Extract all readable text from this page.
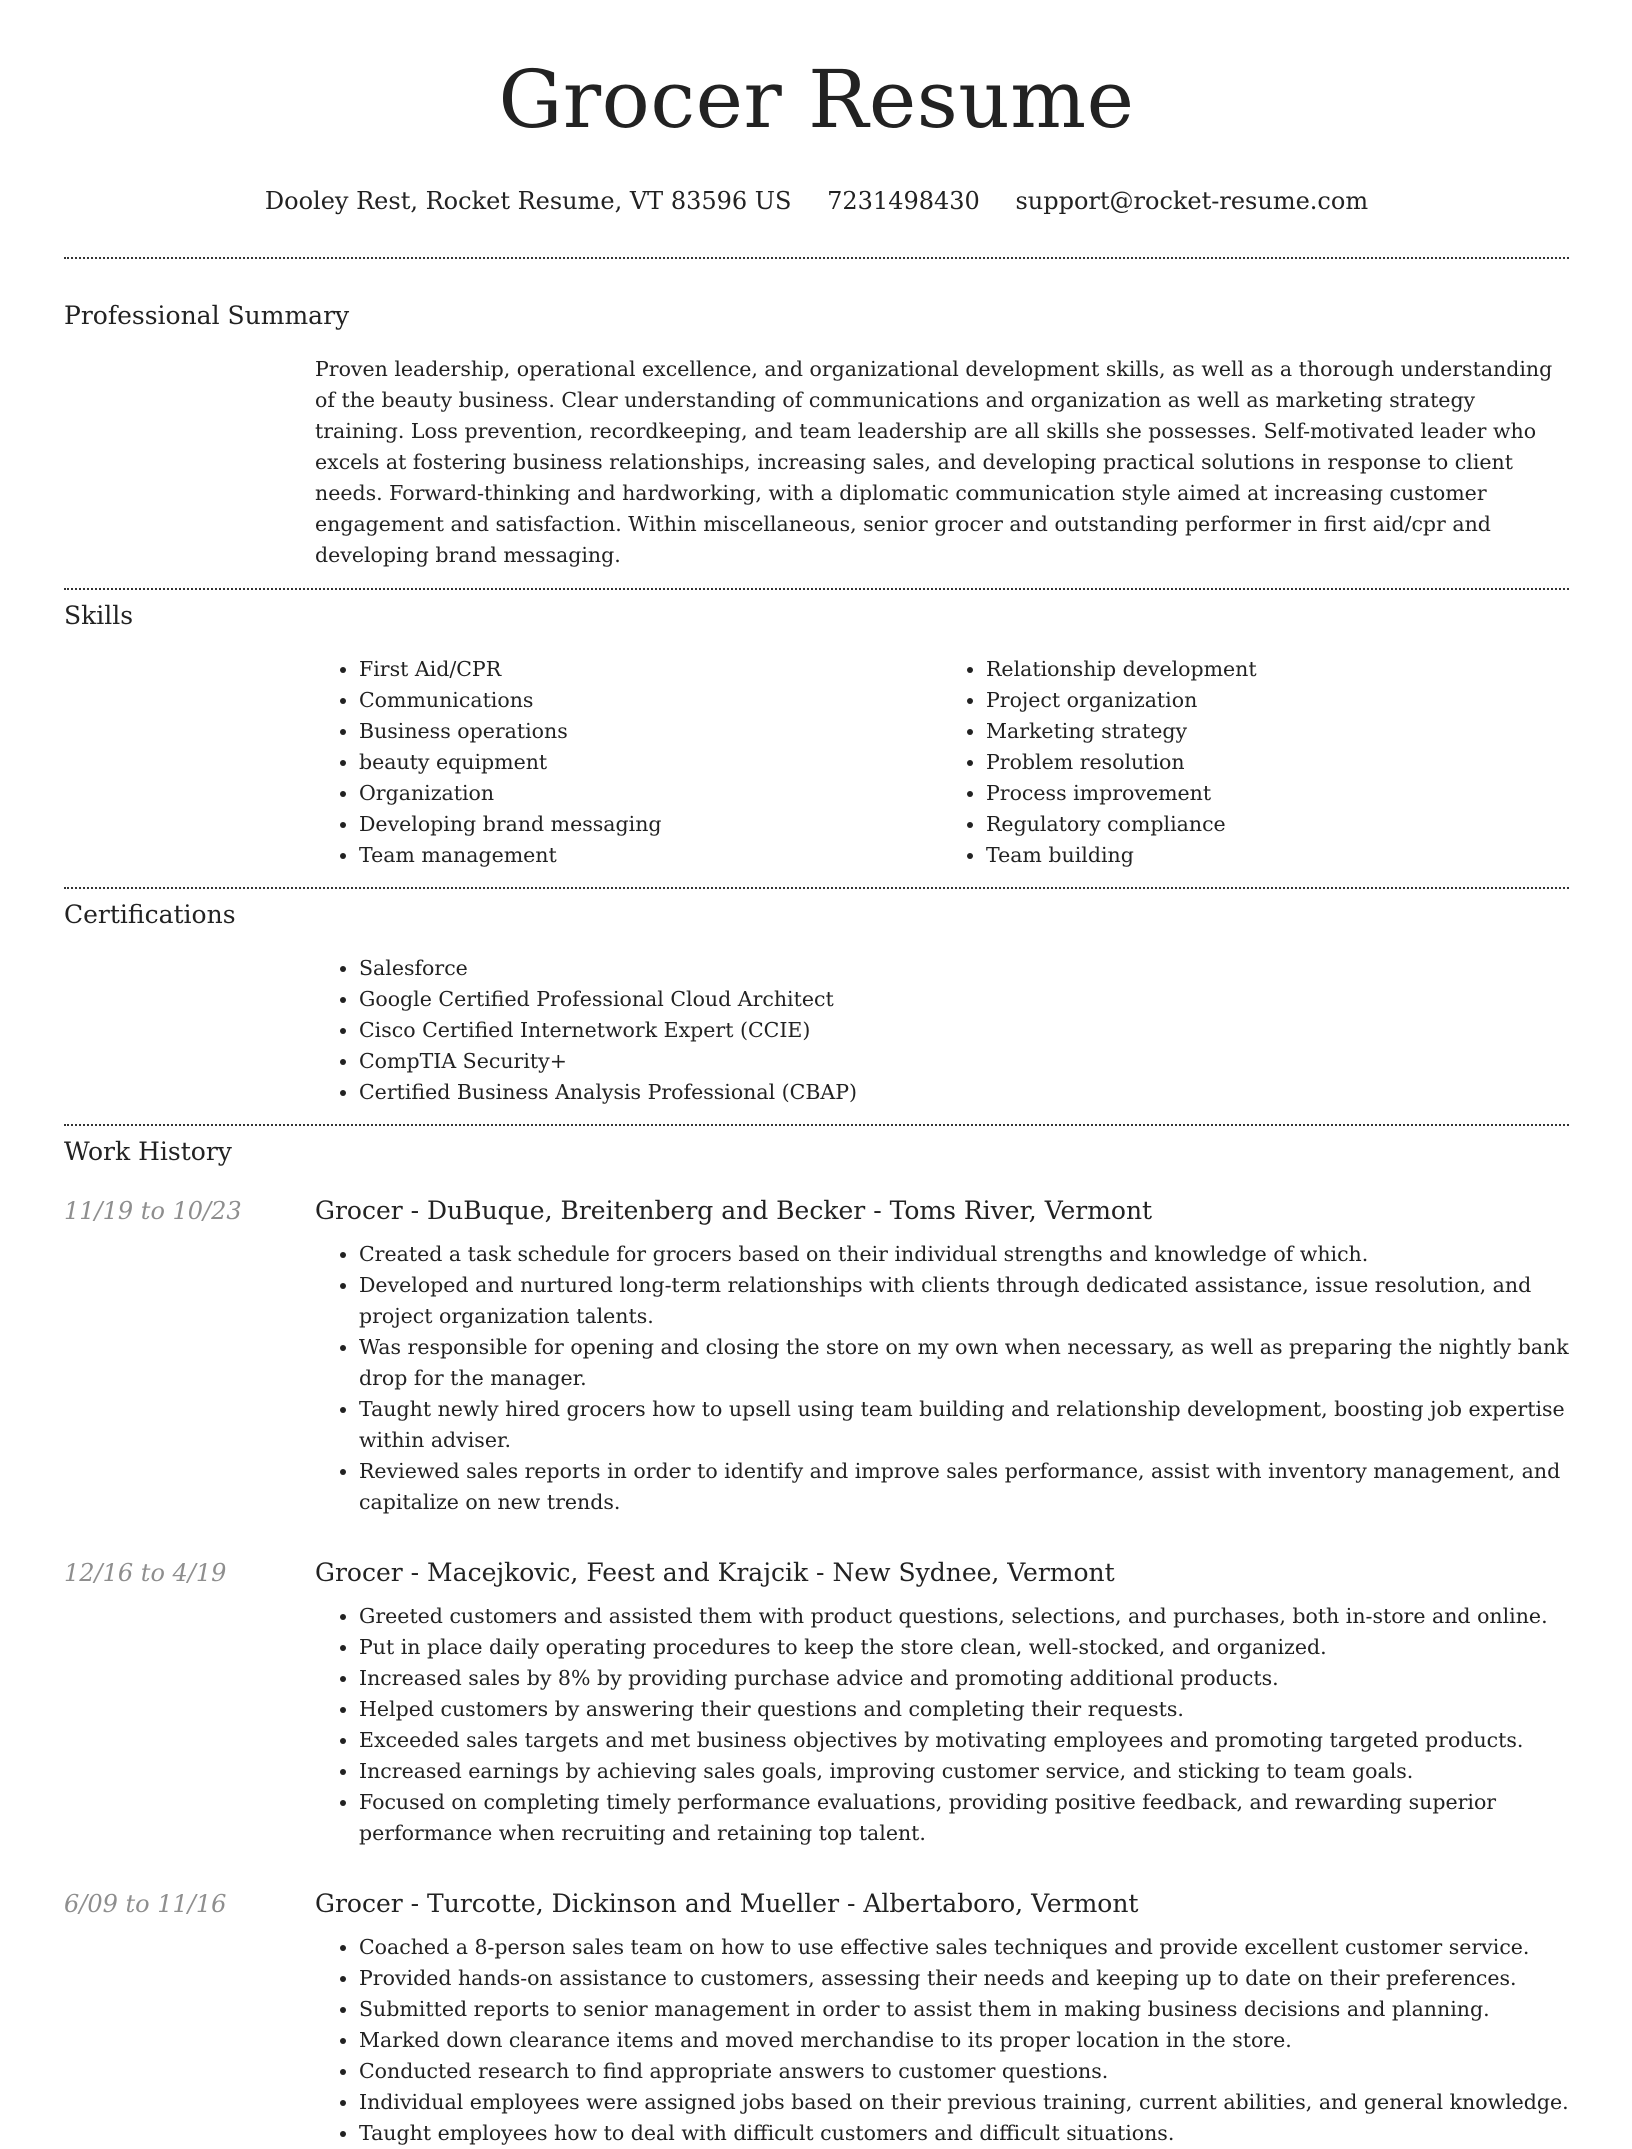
Grocer Resume
Dooley Rest, Rocket Resume, VT 83596 US 7231498430 support@rocket-resume.com
Professional Summary
Proven leadership, operational excellence, and organizational development skills, as well as a thorough understanding of the beauty business. Clear understanding of communications and organization as well as marketing strategy training. Loss prevention, recordkeeping, and team leadership are all skills she possesses. Self-motivated leader who excels at fostering business relationships, increasing sales, and developing practical solutions in response to client needs. Forward-thinking and hardworking, with a diplomatic communication style aimed at increasing customer engagement and satisfaction. Within miscellaneous, senior grocer and outstanding performer in first aid/cpr and developing brand messaging.
Skills
• First Aid/CPR
• Communications
• Business operations
• beauty equipment
• Organization
• Developing brand messaging
• Team management
• Relationship development
• Project organization
• Marketing strategy
• Problem resolution
• Process improvement
• Regulatory compliance
• Team building
Certifications
• Salesforce
• Google Certified Professional Cloud Architect
• Cisco Certified Internetwork Expert (CCIE)
• CompTIA Security+
• Certified Business Analysis Professional (CBAP)
Work History
11/19 to 10/23	Grocer - DuBuque, Breitenberg and Becker - Toms River, Vermont
• Created a task schedule for grocers based on their individual strengths and knowledge of which.
• Developed and nurtured long-term relationships with clients through dedicated assistance, issue resolution, and project organization talents.
• Was responsible for opening and closing the store on my own when necessary, as well as preparing the nightly bank drop for the manager.
• Taught newly hired grocers how to upsell using team building and relationship development, boosting job expertise within adviser.
• Reviewed sales reports in order to identify and improve sales performance, assist with inventory management, and capitalize on new trends.
12/16 to 4/19	Grocer - Macejkovic, Feest and Krajcik - New Sydnee, Vermont
• Greeted customers and assisted them with product questions, selections, and purchases, both in-store and online.
• Put in place daily operating procedures to keep the store clean, well-stocked, and organized.
• Increased sales by 8% by providing purchase advice and promoting additional products.
• Helped customers by answering their questions and completing their requests.
• Exceeded sales targets and met business objectives by motivating employees and promoting targeted products.
• Increased earnings by achieving sales goals, improving customer service, and sticking to team goals.
• Focused on completing timely performance evaluations, providing positive feedback, and rewarding superior performance when recruiting and retaining top talent.
6/09 to 11/16	Grocer - Turcotte, Dickinson and Mueller - Albertaboro, Vermont
• Coached a 8-person sales team on how to use effective sales techniques and provide excellent customer service.
• Provided hands-on assistance to customers, assessing their needs and keeping up to date on their preferences.
• Submitted reports to senior management in order to assist them in making business decisions and planning.
• Marked down clearance items and moved merchandise to its proper location in the store.
• Conducted research to find appropriate answers to customer questions.
• Individual employees were assigned jobs based on their previous training, current abilities, and general knowledge.
• Taught employees how to deal with difficult customers and difficult situations.
